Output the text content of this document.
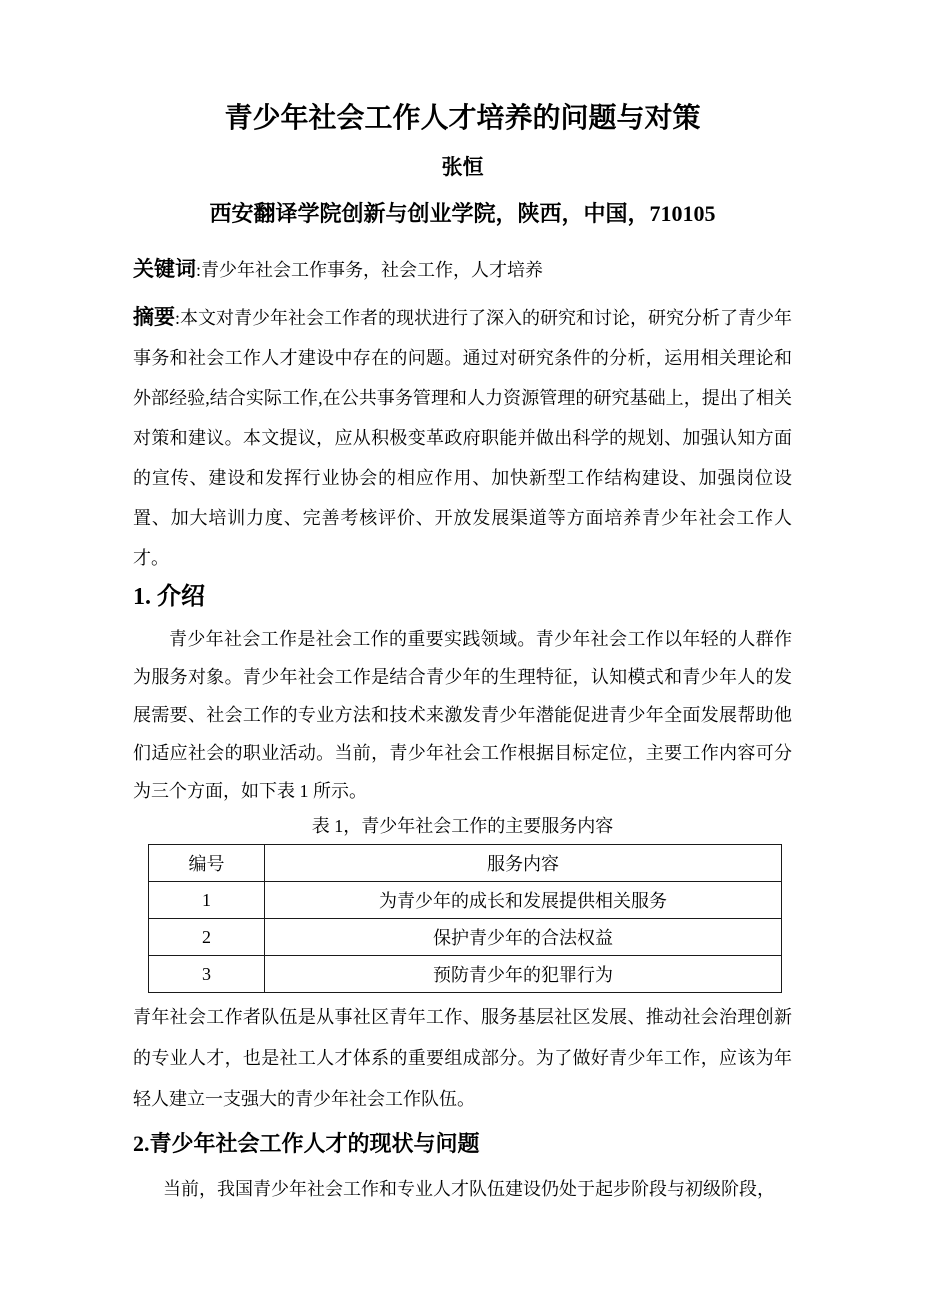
青少年社会工作人才培养的问题与对策
张恒
西安翻译学院创新与创业学院，陕西，中国，710105

关键词:青少年社会工作事务，社会工作，人才培养

摘要:本文对青少年社会工作者的现状进行了深入的研究和讨论，研究分析了青少年事务和社会工作人才建设中存在的问题。通过对研究条件的分析，运用相关理论和外部经验,结合实际工作,在公共事务管理和人力资源管理的研究基础上，提出了相关对策和建议。本文提议，应从积极变革政府职能并做出科学的规划、加强认知方面的宣传、建设和发挥行业协会的相应作用、加快新型工作结构建设、加强岗位设置、加大培训力度、完善考核评价、开放发展渠道等方面培养青少年社会工作人才。

1. 介绍

青少年社会工作是社会工作的重要实践领域。青少年社会工作以年轻的人群作为服务对象。青少年社会工作是结合青少年的生理特征，认知模式和青少年人的发展需要、社会工作的专业方法和技术来激发青少年潜能促进青少年全面发展帮助他们适应社会的职业活动。当前，青少年社会工作根据目标定位，主要工作内容可分为三个方面，如下表 1 所示。

表 1，青少年社会工作的主要服务内容
编号	服务内容
1	为青少年的成长和发展提供相关服务
2	保护青少年的合法权益
3	预防青少年的犯罪行为

青年社会工作者队伍是从事社区青年工作、服务基层社区发展、推动社会治理创新的专业人才，也是社工人才体系的重要组成部分。为了做好青少年工作，应该为年轻人建立一支强大的青少年社会工作队伍。

2.青少年社会工作人才的现状与问题

当前，我国青少年社会工作和专业人才队伍建设仍处于起步阶段与初级阶段，
